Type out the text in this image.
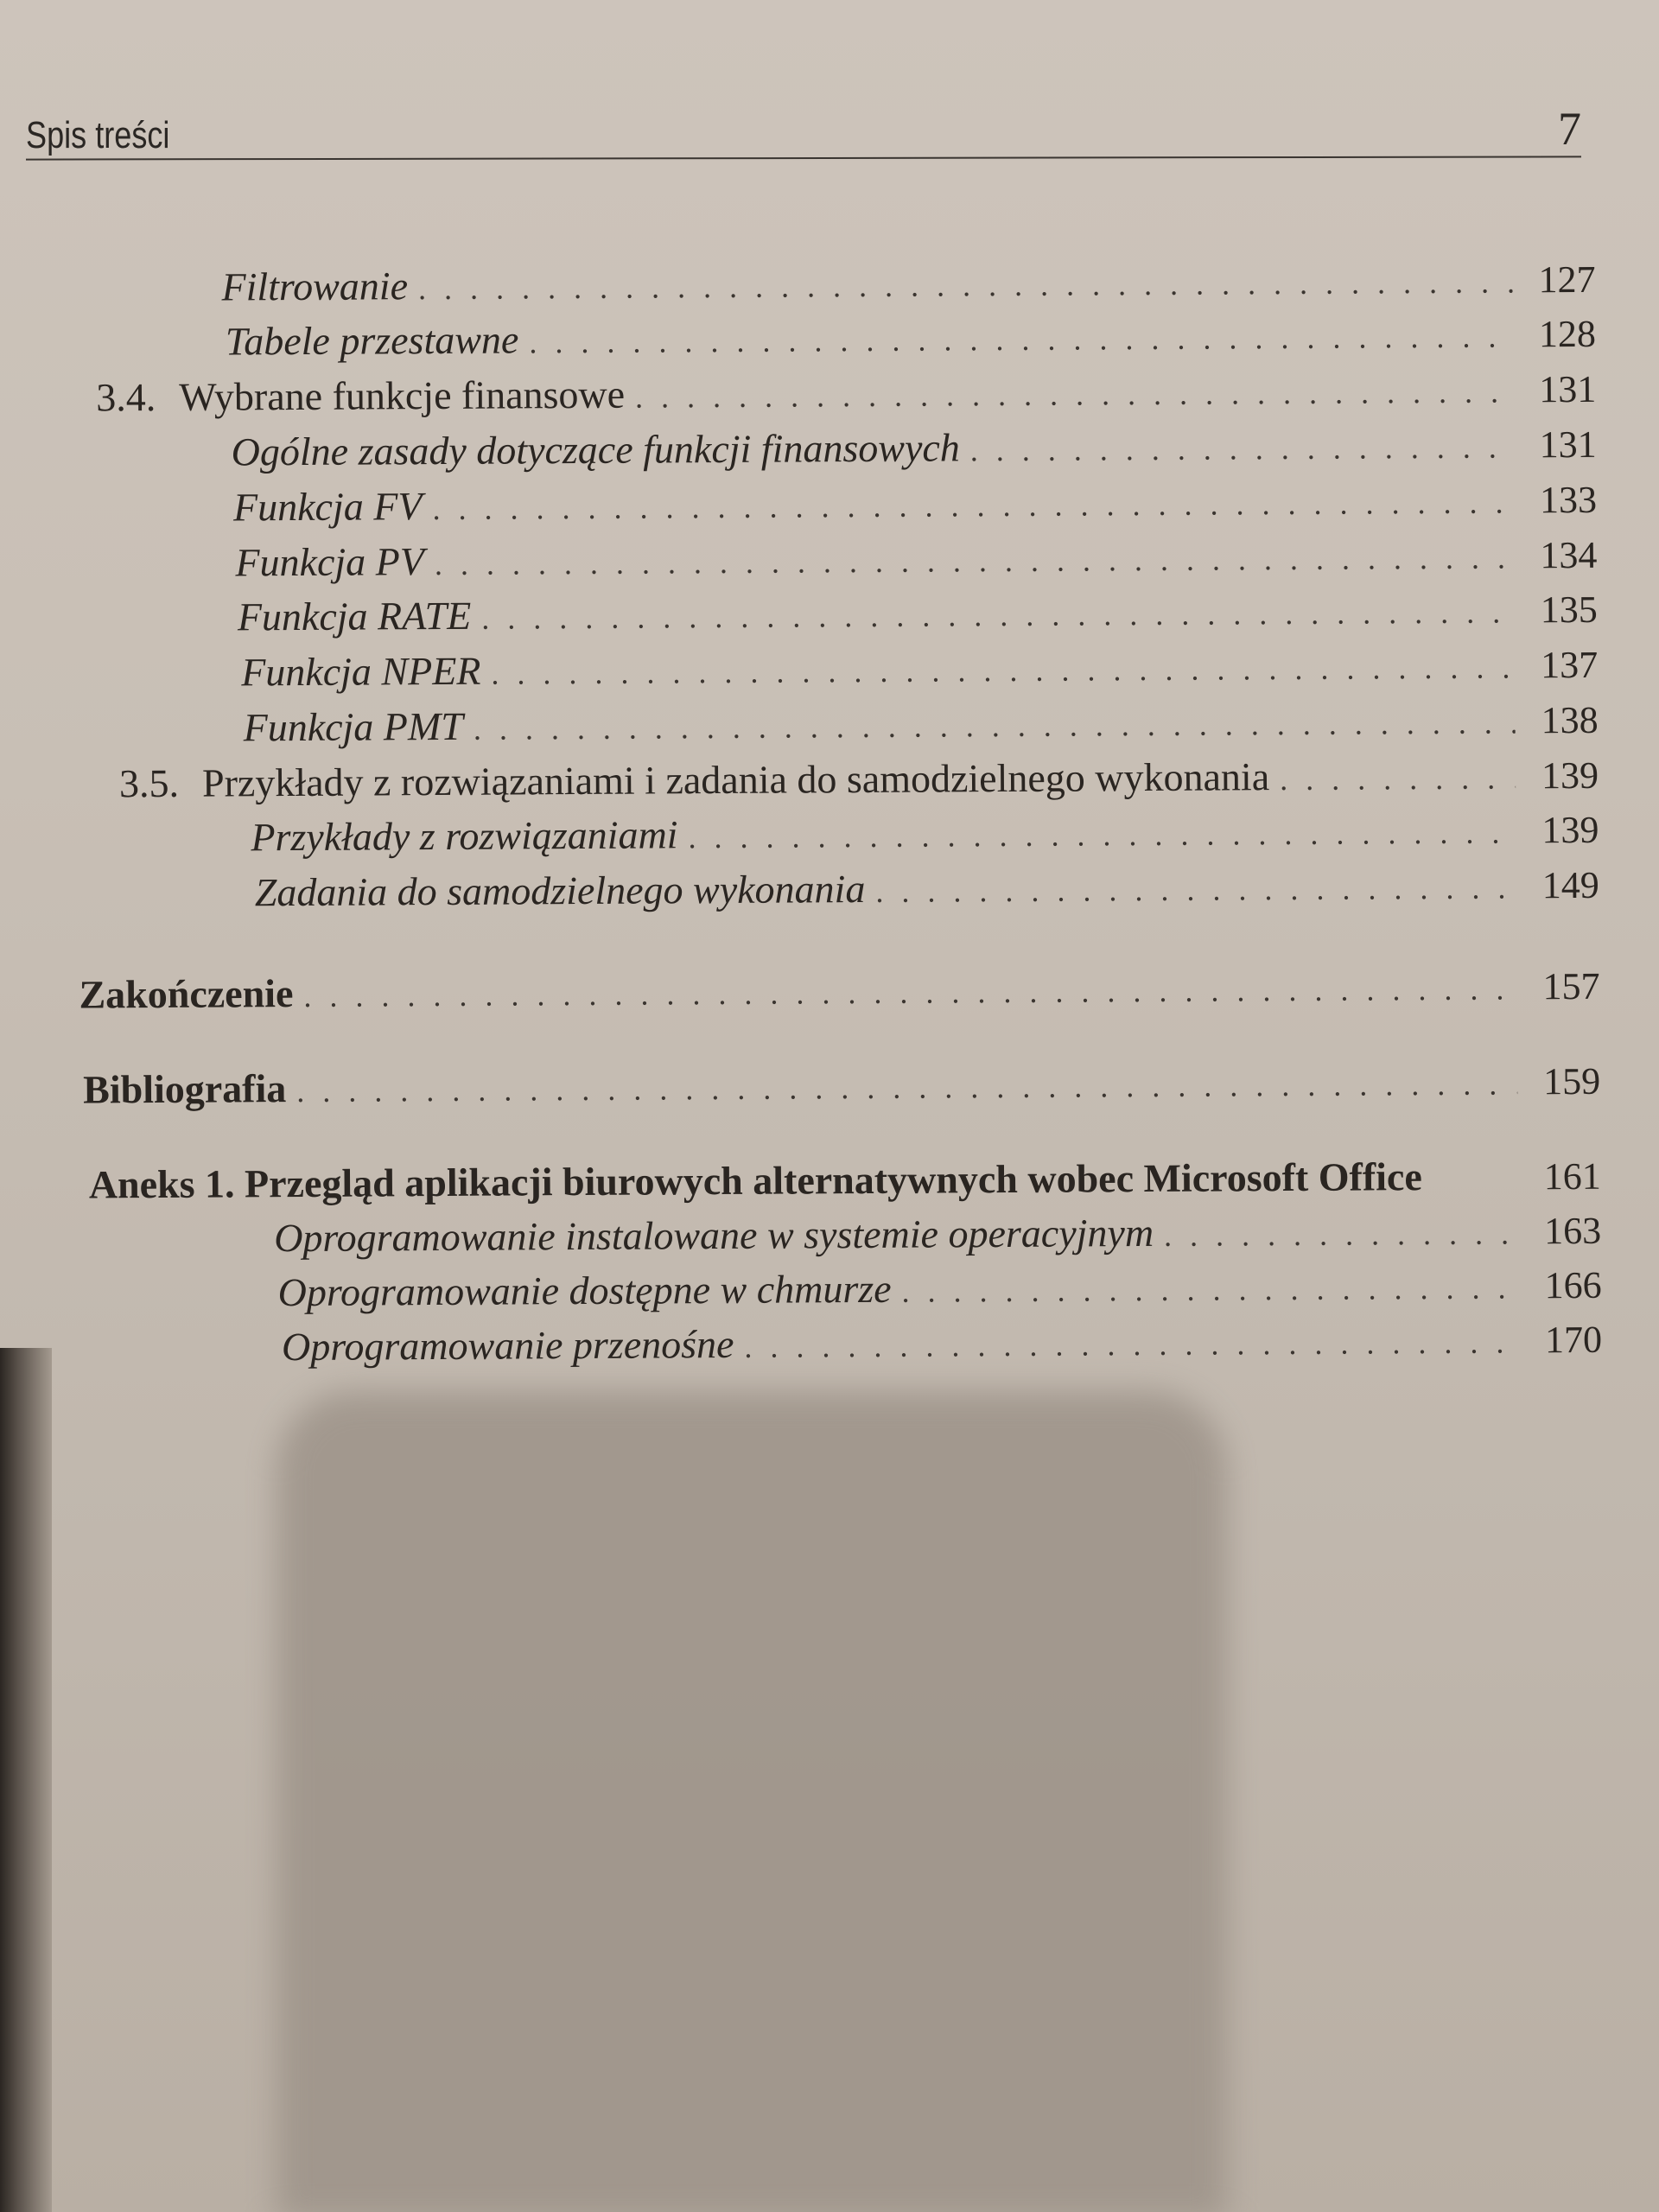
Spis treści	7
Filtrowanie . . .	127
Tabele przestawne . . .	128
3.4. Wybrane funkcje finansowe . . .	131
Ogólne zasady dotyczące funkcji finansowych . . .	131
Funkcja FV . . .	133
Funkcja PV . . .	134
Funkcja RATE . . .	135
Funkcja NPER . . .	137
Funkcja PMT . . .	138
3.5. Przykłady z rozwiązaniami i zadania do samodzielnego wykonania . . .	139
Przykłady z rozwiązaniami . . .	139
Zadania do samodzielnego wykonania . . .	149
Zakończenie . . .	157
Bibliografia . . .	159
Aneks 1. Przegląd aplikacji biurowych alternatywnych wobec Microsoft Office	161
Oprogramowanie instalowane w systemie operacyjnym . . .	163
Oprogramowanie dostępne w chmurze . . .	166
Oprogramowanie przenośne . . .	170
